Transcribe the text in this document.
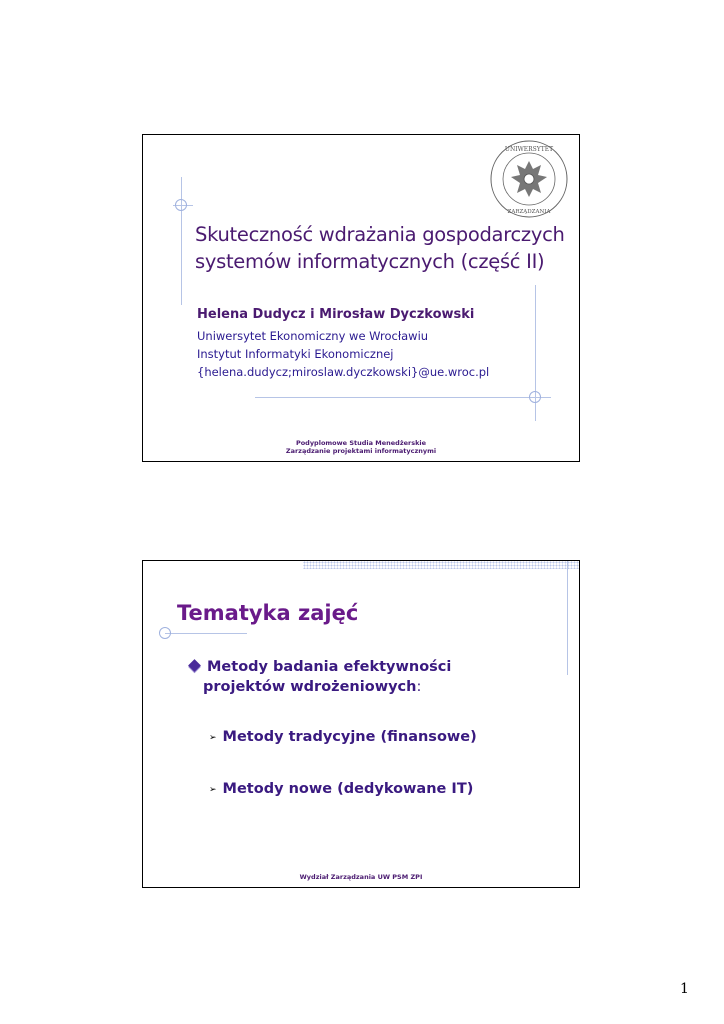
UNIWERSYTET
ZARZĄDZANIA
Skuteczność wdrażania gospodarczych
systemów informatycznych (część II)
Helena Dudycz i Mirosław Dyczkowski
Uniwersytet Ekonomiczny we Wrocławiu
Instytut Informatyki Ekonomicznej
{helena.dudycz;miroslaw.dyczkowski}@ue.wroc.pl
Podyplomowe Studia Menedżerskie
Zarządzanie projektami informatycznymi
Tematyka zajęć
Metody badania efektywności
projektów wdrożeniowych:
➢ Metody tradycyjne (finansowe)
➢ Metody nowe (dedykowane IT)
Wydział Zarządzania UW PSM ZPI
1
